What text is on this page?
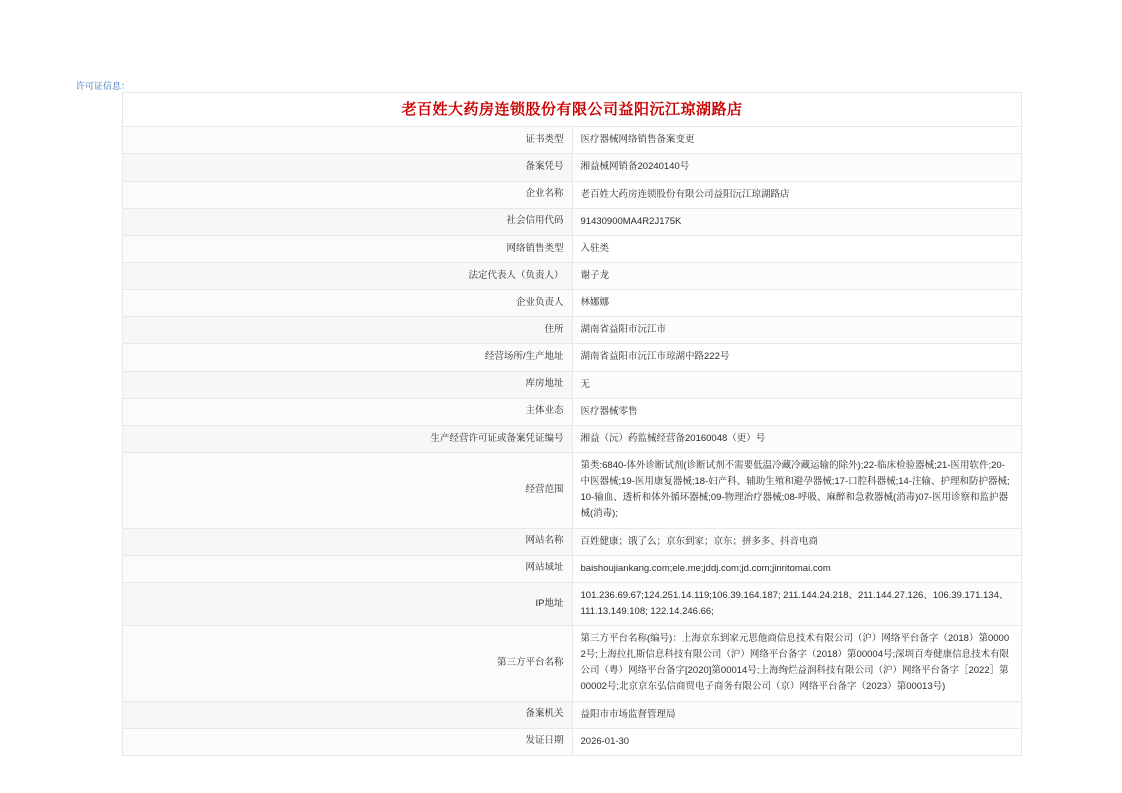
许可证信息：
老百姓大药房连锁股份有限公司益阳沅江琼湖路店	
证书类型	医疗器械网络销售备案变更
备案凭号	湘益械网销备20240140号
企业名称	老百姓大药房连锁股份有限公司益阳沅江琼湖路店
社会信用代码	91430900MA4R2J175K
网络销售类型	入驻类
法定代表人（负责人）	谢子龙
企业负责人	林娜娜
住所	湖南省益阳市沅江市
经营场所/生产地址	湖南省益阳市沅江市琼湖中路222号
库房地址	无
主体业态	医疗器械零售
生产经营许可证或备案凭证编号	湘益（沅）药监械经营备20160048（更）号
经营范围	第类:6840-体外诊断试剂(诊断试剂不需要低温冷藏冷藏运输的除外);22-临床检验器械;21-医用软件;20-中医器械;19-医用康复器械;18-妇产科、辅助生殖和避孕器械;17-口腔科器械;14-注输、护理和防护器械;10-输血、透析和体外循环器械;09-物理治疗器械;08-呼吸、麻醉和急救器械(消毒)07-医用诊察和监护器械(消毒);
网站名称	百姓健康；饿了么；京东到家；京东；拼多多、抖音电商
网站域址	baishoujiankang.com;ele.me;jddj.com;jd.com;jinritomai.com
IP地址	101.236.69.67;124.251.14.119;106.39.164.187; 211.144.24.218、211.144.27.126、106.39.171.134、111.13.149.108; 122.14.246.66;
第三方平台名称	第三方平台名称(编号)：上海京东到家元思他商信息技术有限公司（沪）网络平台备字（2018）第00002号;上海拉扎斯信息科技有限公司（沪）网络平台备字（2018）第00004号;深圳百寿健康信息技术有限公司（粤）网络平台备字[2020]第00014号;上海绚烂益润科技有限公司（沪）网络平台备字［2022］第00002号;北京京东弘信商贸电子商务有限公司（京）网络平台备字（2023）第00013号)
备案机关	益阳市市场监督管理局
发证日期	2026-01-30
